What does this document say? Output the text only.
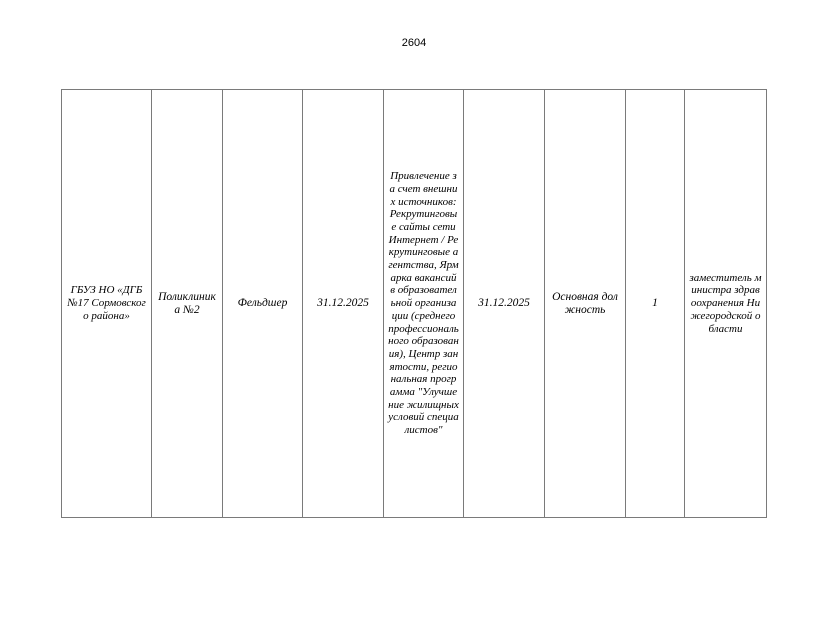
2604
ГБУЗ НО «ДГБ №17 Сормовского района»	Поликлиника №2	Фельдшер	31.12.2025	Привлечение за счет внешних источников: Рекрутинговые сайты сети Интернет / Рекрутинговые агентства, Ярмарка вакансий в образовательной организации (среднего профессионального образования), Центр занятости, региональная программа "Улучшение жилищных условий специалистов"	31.12.2025	Основная должность	1	заместитель министра здравоохранения Нижегородской области
